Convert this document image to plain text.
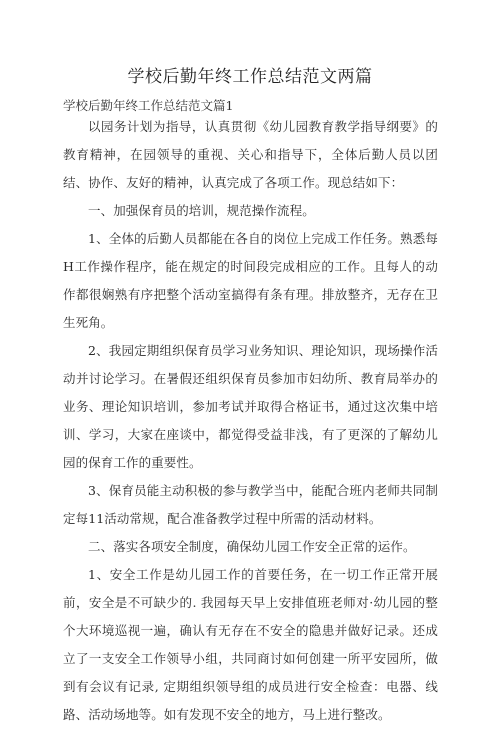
学校后勤年终工作总结范文两篇
学校后勤年终工作总结范文篇1

以园务计划为指导，认真贯彻《幼儿园教育教学指导纲要》的教育精神，在园领导的重视、关心和指导下，全体后勤人员以团结、协作、友好的精神，认真完成了各项工作。现总结如下：

一、加强保育员的培训，规范操作流程。

1、全体的后勤人员都能在各自的岗位上完成工作任务。熟悉每H工作操作程序，能在规定的时间段完成相应的工作。且每人的动作都很娴熟有序把整个活动室搞得有条有理。排放整齐，无存在卫生死角。

2、我园定期组织保育员学习业务知识、理论知识，现场操作活动并讨论学习。在暑假还组织保育员参加市妇幼所、教育局举办的业务、理论知识培训，参加考试并取得合格证书，通过这次集中培训、学习，大家在座谈中，都觉得受益非浅，有了更深的了解幼儿园的保育工作的重要性。

3、保育员能主动积极的参与教学当中，能配合班内老师共同制定每11活动常规，配合准备教学过程中所需的活动材料。

二、落实各项安全制度，确保幼儿园工作安全正常的运作。

1、安全工作是幼儿园工作的首要任务，在一切工作正常开展前，安全是不可缺少的. 我园每天早上安排值班老师对·幼儿园的整个大环境巡视一遍，确认有无存在不安全的隐患并做好记录。还成立了一支安全工作领导小组，共同商讨如何创建一所平安园所，做到有会议有记录, 定期组织领导组的成员进行安全检查：电器、线路、活动场地等。如有发现不安全的地方，马上进行整改。
